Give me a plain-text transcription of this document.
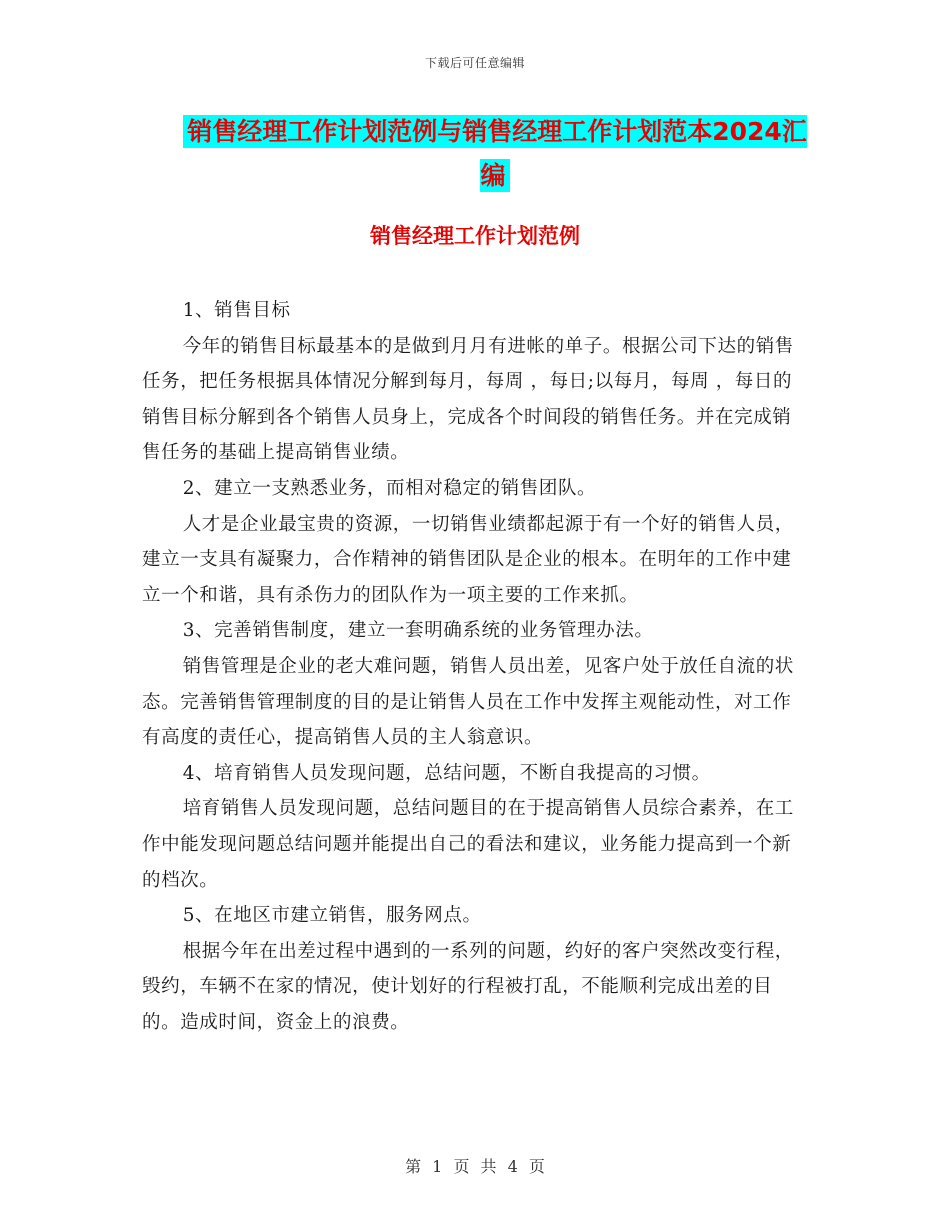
下载后可任意编辑
销售经理工作计划范例与销售经理工作计划范本2024汇编
销售经理工作计划范例

1、销售目标

今年的销售目标最基本的是做到月月有进帐的单子。根据公司下达的销售任务，把任务根据具体情况分解到每月，每周 ，每日;以每月，每周 ，每日的销售目标分解到各个销售人员身上，完成各个时间段的销售任务。并在完成销售任务的基础上提高销售业绩。

2、建立一支熟悉业务，而相对稳定的销售团队。

人才是企业最宝贵的资源，一切销售业绩都起源于有一个好的销售人员，建立一支具有凝聚力，合作精神的销售团队是企业的根本。在明年的工作中建立一个和谐，具有杀伤力的团队作为一项主要的工作来抓。

3、完善销售制度，建立一套明确系统的业务管理办法。

销售管理是企业的老大难问题，销售人员出差，见客户处于放任自流的状态。完善销售管理制度的目的是让销售人员在工作中发挥主观能动性，对工作有高度的责任心，提高销售人员的主人翁意识。

4、培育销售人员发现问题，总结问题，不断自我提高的习惯。

培育销售人员发现问题，总结问题目的在于提高销售人员综合素养，在工作中能发现问题总结问题并能提出自己的看法和建议，业务能力提高到一个新的档次。

5、在地区市建立销售，服务网点。

根据今年在出差过程中遇到的一系列的问题，约好的客户突然改变行程，毁约，车辆不在家的情况，使计划好的行程被打乱，不能顺利完成出差的目的。造成时间，资金上的浪费。

第 1 页 共 4 页
